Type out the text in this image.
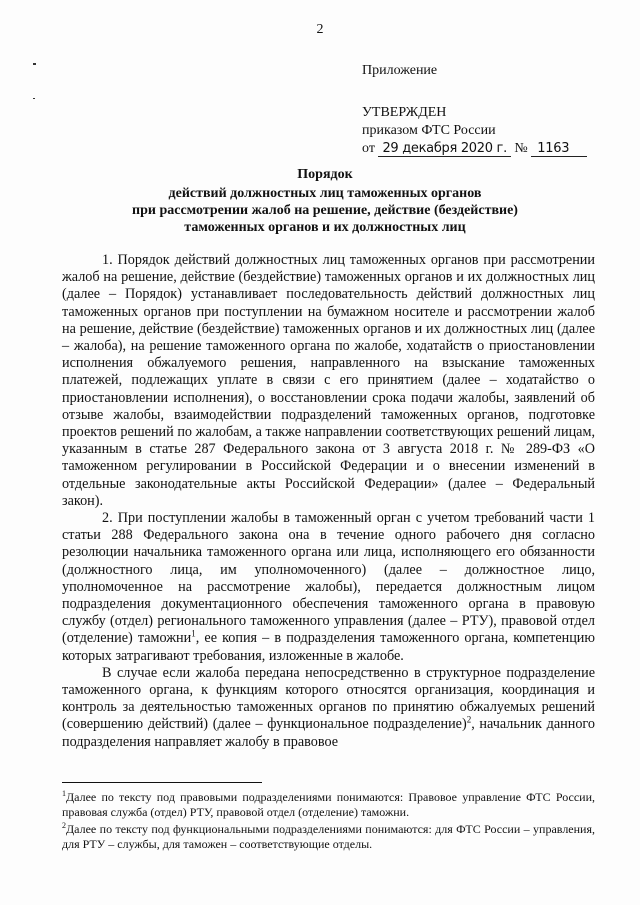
2
Приложение
УТВЕРЖДЕН
приказом ФТС России
от 29 декабря 2020 г. № 1163
Порядок
действий должностных лиц таможенных органов
при рассмотрении жалоб на решение, действие (бездействие)
таможенных органов и их должностных лиц

1. Порядок действий должностных лиц таможенных органов при рассмотрении жалоб на решение, действие (бездействие) таможенных органов и их должностных лиц (далее – Порядок) устанавливает последовательность действий должностных лиц таможенных органов при поступлении на бумажном носителе и рассмотрении жалоб на решение, действие (бездействие) таможенных органов и их должностных лиц (далее – жалоба), на решение таможенного органа по жалобе, ходатайств о приостановлении исполнения обжалуемого решения, направленного на взыскание таможенных платежей, подлежащих уплате в связи с его принятием (далее – ходатайство о приостановлении исполнения), о восстановлении срока подачи жалобы, заявлений об отзыве жалобы, взаимодействии подразделений таможенных органов, подготовке проектов решений по жалобам, а также направлении соответствующих решений лицам, указанным в статье 287 Федерального закона от 3 августа 2018 г. № 289-ФЗ «О таможенном регулировании в Российской Федерации и о внесении изменений в отдельные законодательные акты Российской Федерации» (далее – Федеральный закон).

2. При поступлении жалобы в таможенный орган с учетом требований части 1 статьи 288 Федерального закона она в течение одного рабочего дня согласно резолюции начальника таможенного органа или лица, исполняющего его обязанности (должностного лица, им уполномоченного) (далее – должностное лицо, уполномоченное на рассмотрение жалобы), передается должностным лицом подразделения документационного обеспечения таможенного органа в правовую службу (отдел) регионального таможенного управления (далее – РТУ), правовой отдел (отделение) таможни$^1$, ее копия – в подразделения таможенного органа, компетенцию которых затрагивают требования, изложенные в жалобе.

В случае если жалоба передана непосредственно в структурное подразделение таможенного органа, к функциям которого относятся организация, координация и контроль за деятельностью таможенных органов по принятию обжалуемых решений (совершению действий) (далее – функциональное подразделение)$^2$, начальник данного подразделения направляет жалобу в правовое

$^1$Далее по тексту под правовыми подразделениями понимаются: Правовое управление ФТС России, правовая служба (отдел) РТУ, правовой отдел (отделение) таможни.

$^2$Далее по тексту под функциональными подразделениями понимаются: для ФТС России – управления, для РТУ – службы, для таможен – соответствующие отделы.
